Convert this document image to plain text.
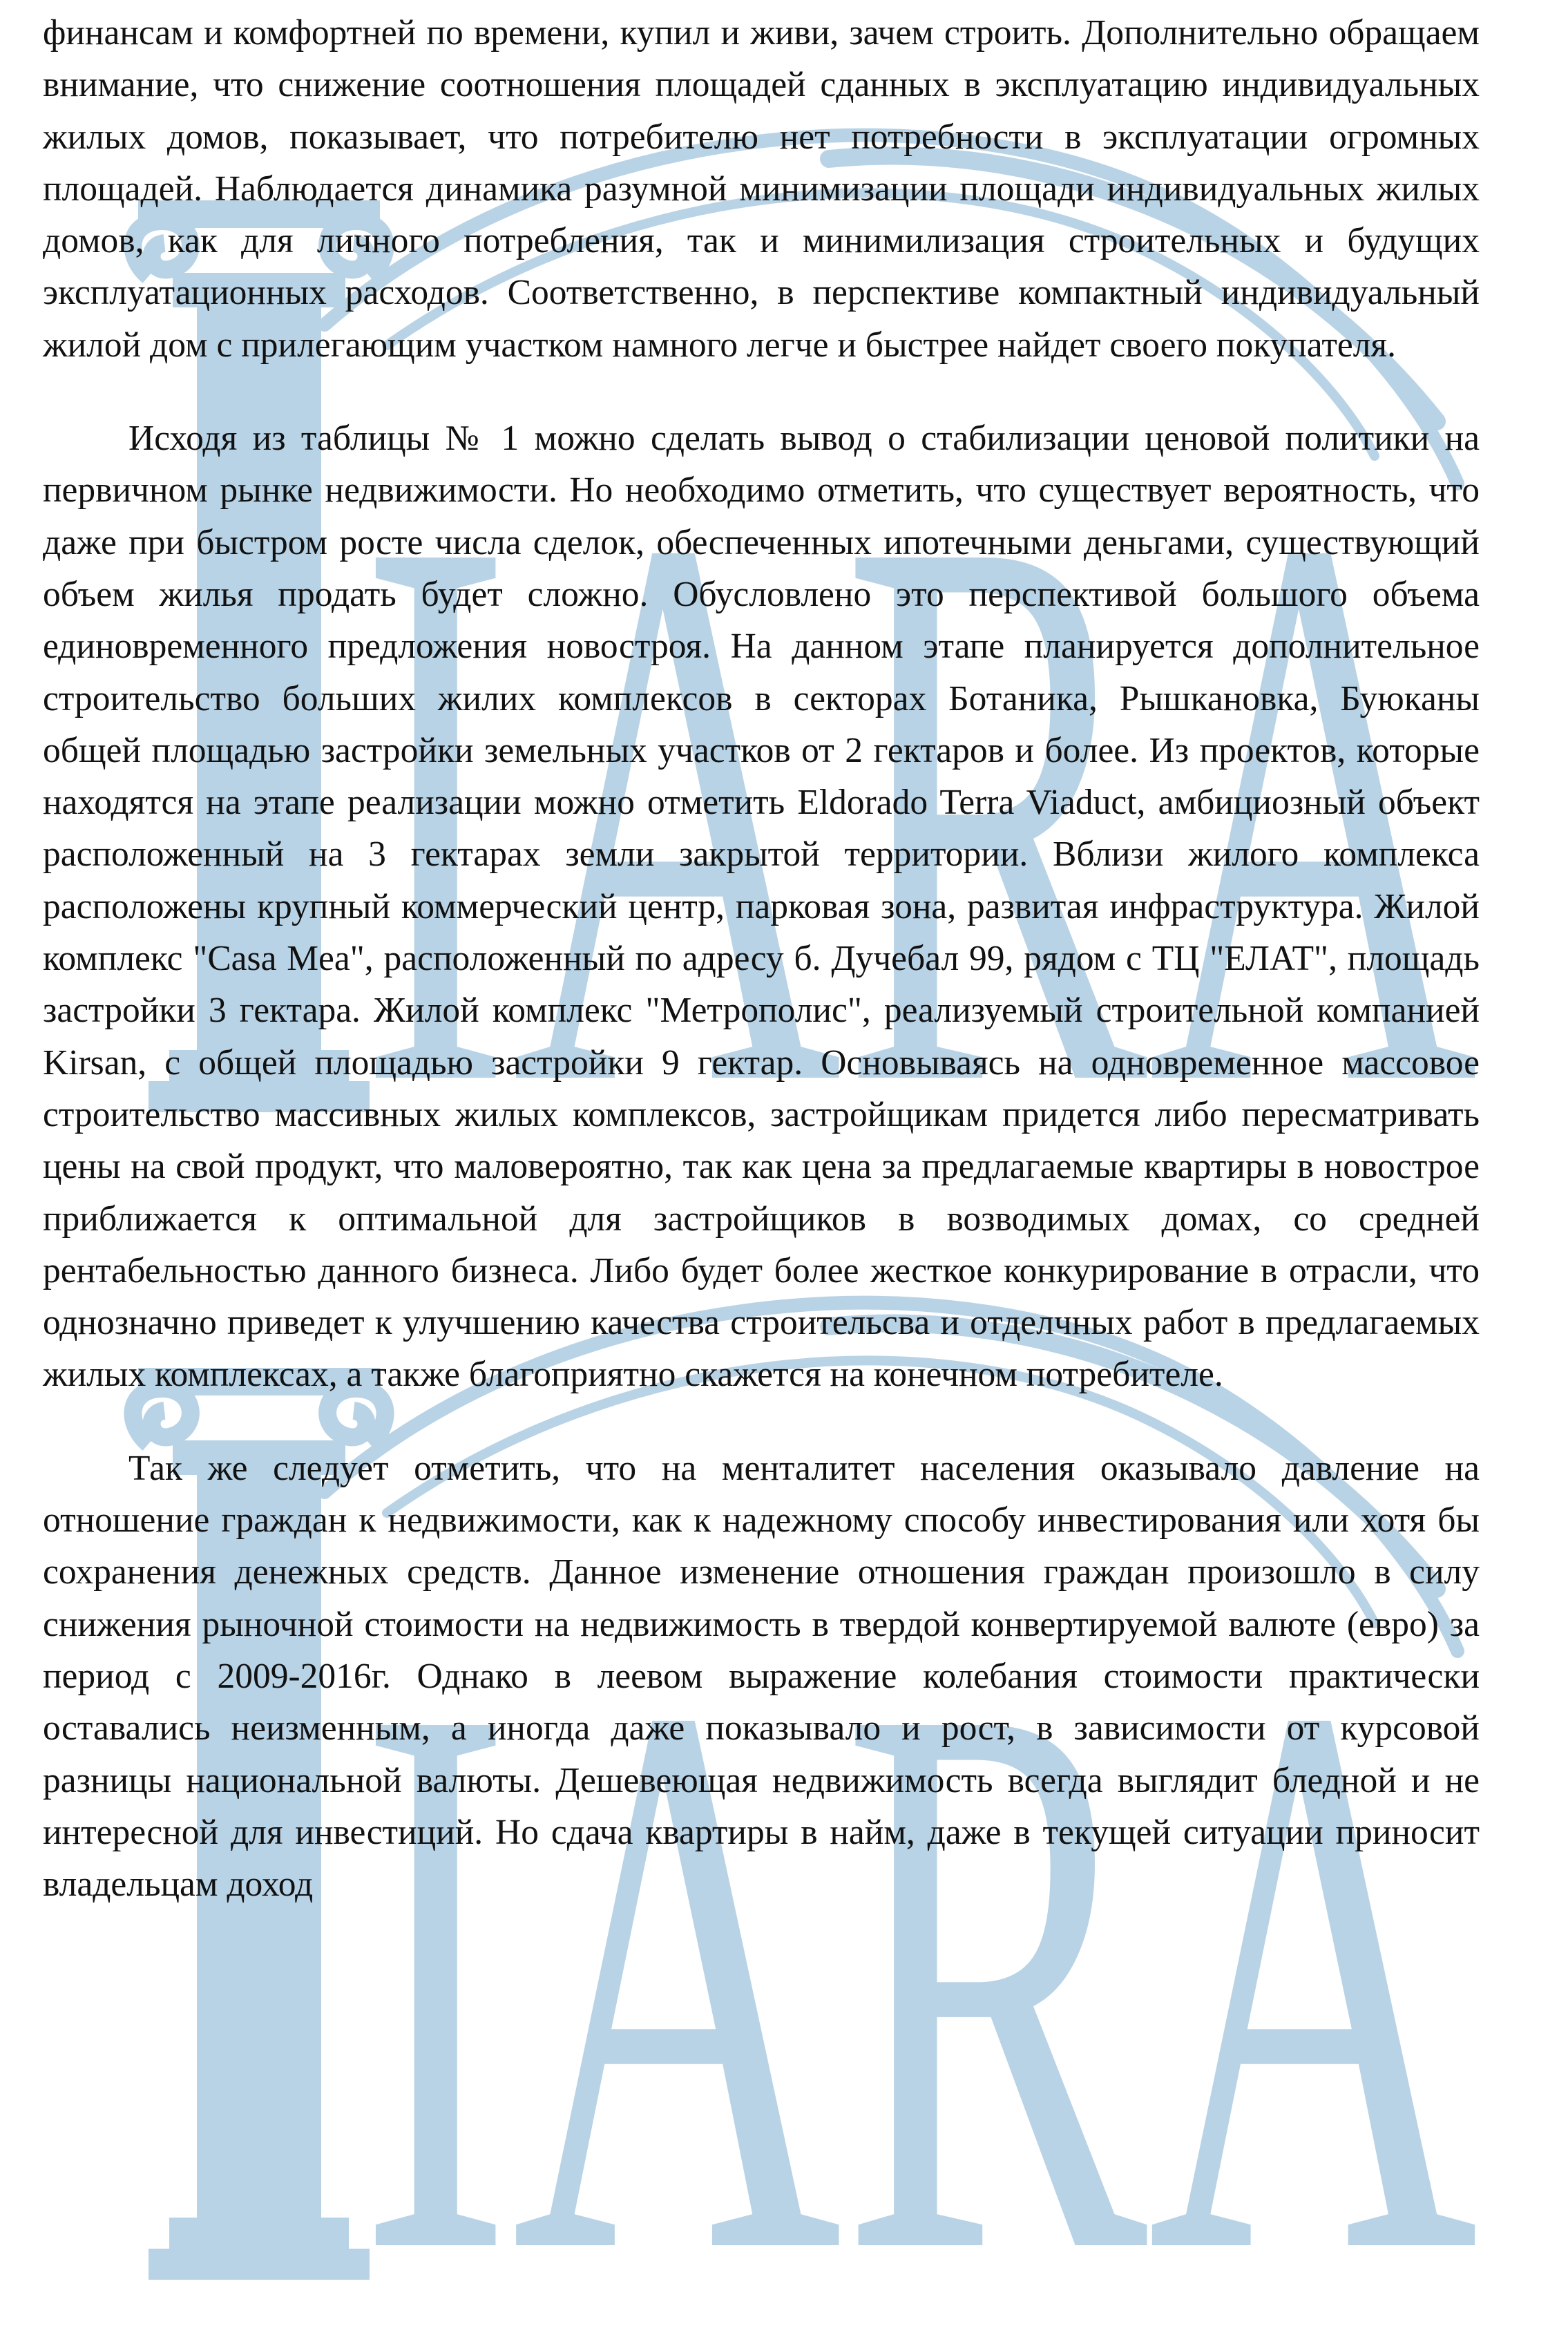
IARA
IARA

финансам и комфортней по времени, купил и живи, зачем строить. Дополнительно обращаем внимание, что снижение соотношения площадей сданных в эксплуатацию индивидуальных жилых домов, показывает, что потребителю нет потребности в эксплуатации огромных площадей. Наблюдается динамика разумной минимизации площади индивидуальных жилых домов, как для личного потребления, так и минимилизация строительных и будущих эксплуатационных расходов. Соответственно, в перспективе компактный индивидуальный жилой дом с прилегающим участком намного легче и быстрее найдет своего покупателя.

Исходя из таблицы № 1 можно сделать вывод о стабилизации ценовой политики на первичном рынке недвижимости. Но необходимо отметить, что существует вероятность, что даже при быстром росте числа сделок, обеспеченных ипотечными деньгами, существующий объем жилья продать будет сложно. Обусловлено это перспективой большого объема единовременного предложения новостроя. На данном этапе планируется дополнительное строительство больших жилих комплексов в секторах Ботаника, Рышкановка, Буюканы общей площадью застройки земельных участков от 2 гектаров и более. Из проектов, которые находятся на этапе реализации можно отметить Eldorado Terra Viaduct, амбициозный объект расположенный на 3 гектарах земли закрытой территории. Вблизи жилого комплекса расположены крупный коммерческий центр, парковая зона, развитая инфраструктура. Жилой комплекс "Casa Mea", расположенный по адресу б. Дучебал 99, рядом с ТЦ "ЕЛАТ", площадь застройки 3 гектара. Жилой комплекс "Метрополис", реализуемый строительной компанией Kirsan, с общей площадью застройки 9 гектар. Основываясь на одновременное массовое строительство массивных жилых комплексов, застройщикам придется либо пересматривать цены на свой продукт, что маловероятно, так как цена за предлагаемые квартиры в новострое приближается к оптимальной для застройщиков в возводимых домах, со средней рентабельностью данного бизнеса. Либо будет более жесткое конкурирование в отрасли, что однозначно приведет к улучшению качества строительсва и отделчных работ в предлагаемых жилых комплексах, а также благоприятно скажется на конечном потребителе.

Так же следует отметить, что на менталитет населения оказывало давление на отношение граждан к недвижимости, как к надежному способу инвестирования или хотя бы сохранения денежных средств. Данное изменение отношения граждан произошло в силу снижения рыночной стоимости на недвижимость в твердой конвертируемой валюте (евро) за период с 2009-2016г. Однако в леевом выражение колебания стоимости практически оставались неизменным, а иногда даже показывало и рост, в зависимости от курсовой разницы национальной валюты. Дешевеющая недвижимость всегда выглядит бледной и не интересной для инвестиций. Но сдача квартиры в найм, даже в текущей ситуации приносит владельцам доход
